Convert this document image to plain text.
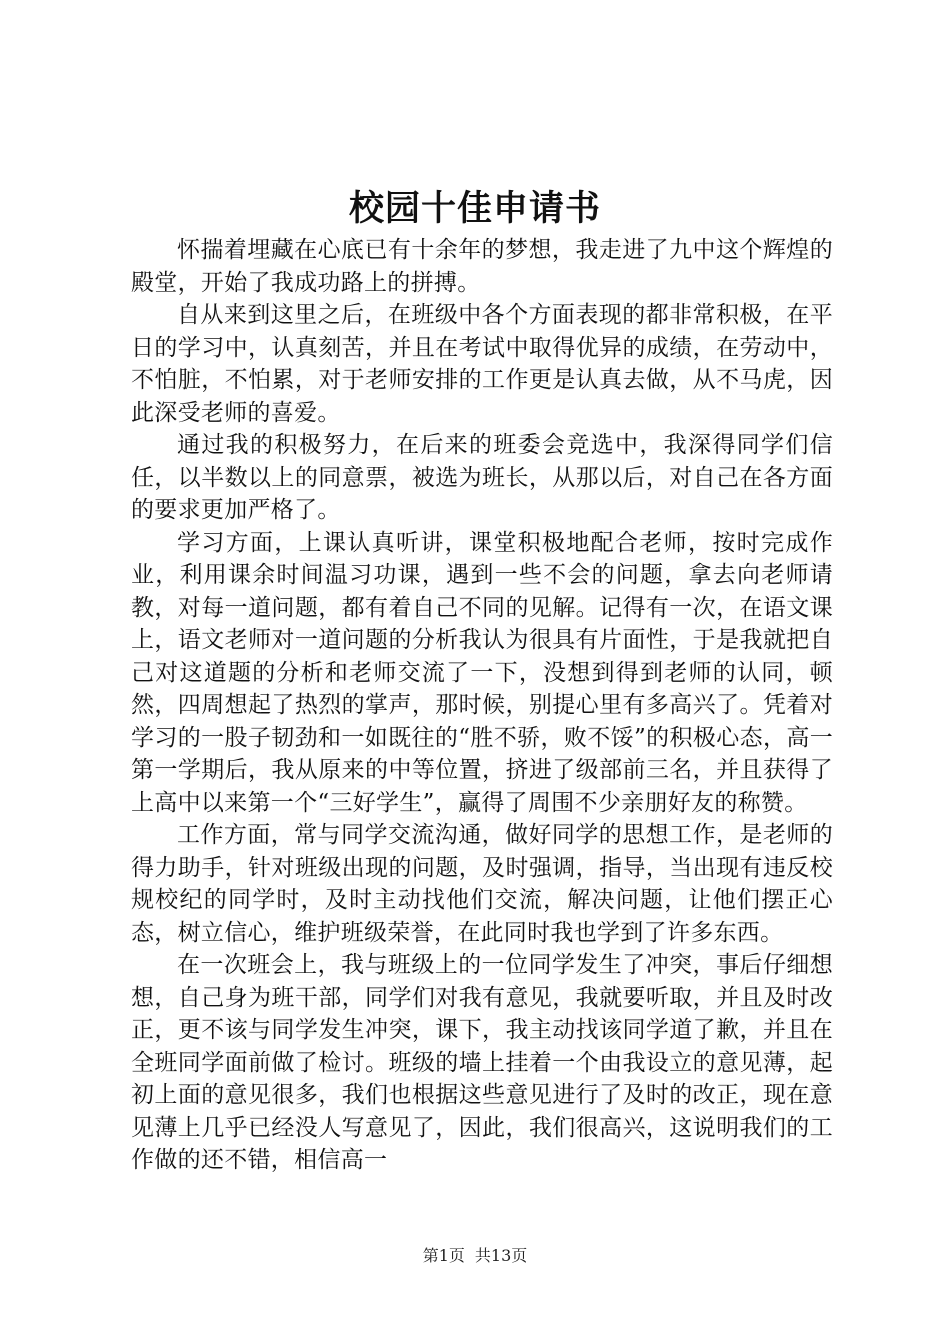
校园十佳申请书

怀揣着埋藏在心底已有十余年的梦想，我走进了九中这个辉煌的殿堂，开始了我成功路上的拼搏。

自从来到这里之后，在班级中各个方面表现的都非常积极，在平日的学习中，认真刻苦，并且在考试中取得优异的成绩，在劳动中，不怕脏，不怕累，对于老师安排的工作更是认真去做，从不马虎，因此深受老师的喜爱。

通过我的积极努力，在后来的班委会竞选中，我深得同学们信任，以半数以上的同意票，被选为班长，从那以后，对自己在各方面的要求更加严格了。

学习方面，上课认真听讲，课堂积极地配合老师，按时完成作业，利用课余时间温习功课，遇到一些不会的问题，拿去向老师请教，对每一道问题，都有着自己不同的见解。记得有一次，在语文课上，语文老师对一道问题的分析我认为很具有片面性，于是我就把自己对这道题的分析和老师交流了一下，没想到得到老师的认同，顿然，四周想起了热烈的掌声，那时候，别提心里有多高兴了。凭着对学习的一股子韧劲和一如既往的“胜不骄，败不馁”的积极心态，高一第一学期后，我从原来的中等位置，挤进了级部前三名，并且获得了上高中以来第一个“三好学生”，赢得了周围不少亲朋好友的称赞。

工作方面，常与同学交流沟通，做好同学的思想工作，是老师的得力助手，针对班级出现的问题，及时强调，指导，当出现有违反校规校纪的同学时，及时主动找他们交流，解决问题，让他们摆正心态，树立信心，维护班级荣誉，在此同时我也学到了许多东西。

在一次班会上，我与班级上的一位同学发生了冲突，事后仔细想想，自己身为班干部，同学们对我有意见，我就要听取，并且及时改正，更不该与同学发生冲突，课下，我主动找该同学道了歉，并且在全班同学面前做了检讨。班级的墙上挂着一个由我设立的意见薄，起初上面的意见很多，我们也根据这些意见进行了及时的改正，现在意见薄上几乎已经没人写意见了，因此，我们很高兴，这说明我们的工作做的还不错，相信高一

第1页 共13页
